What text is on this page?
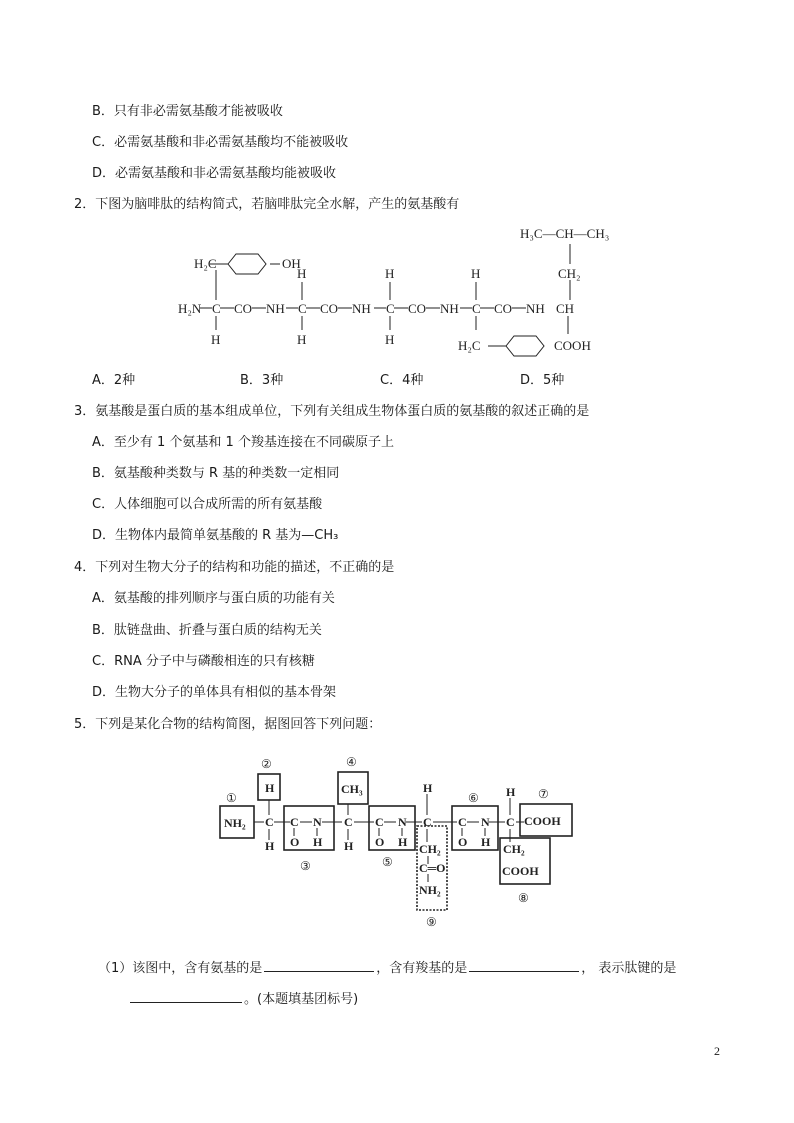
B．只有非必需氨基酸才能被吸收
C．必需氨基酸和非必需氨基酸均不能被吸收
D．必需氨基酸和非必需氨基酸均能被吸收
2．下图为脑啡肽的结构简式，若脑啡肽完全水解，产生的氨基酸有
H₃C—CH—CH₃
CH₂
H₂C	OH
H	H	H
H₂N C CO NH C CO NH C CO NH C CO NH CH
H	H	H	H₂C	COOH
A．2种	B．3种	C．4种	D．5种
3．氨基酸是蛋白质的基本组成单位，下列有关组成生物体蛋白质的氨基酸的叙述正确的是
A．至少有 1 个氨基和 1 个羧基连接在不同碳原子上
B．氨基酸种类数与 R 基的种类数一定相同
C．人体细胞可以合成所需的所有氨基酸
D．生物体内最简单氨基酸的 R 基为—CH₃
4．下列对生物大分子的结构和功能的描述，不正确的是
A．氨基酸的排列顺序与蛋白质的功能有关
B．肽链盘曲、折叠与蛋白质的结构无关
C．RNA 分子中与磷酸相连的只有核糖
D．生物大分子的单体具有相似的基本骨架
5．下列是某化合物的结构简图，据图回答下列问题：
①
②
③
④
⑤
⑥	⑦
⑧
⑨
NH₂
H
C
H
C N
O H
CH₃
C
H
C N
O H
H
C
CH₂
C═O
NH₂
C N
O H
H
C COOH
CH₂
COOH
（1）该图中，含有氨基的是	，含有羧基的是	， 表示肽键的是
。(本题填基团标号)
2
